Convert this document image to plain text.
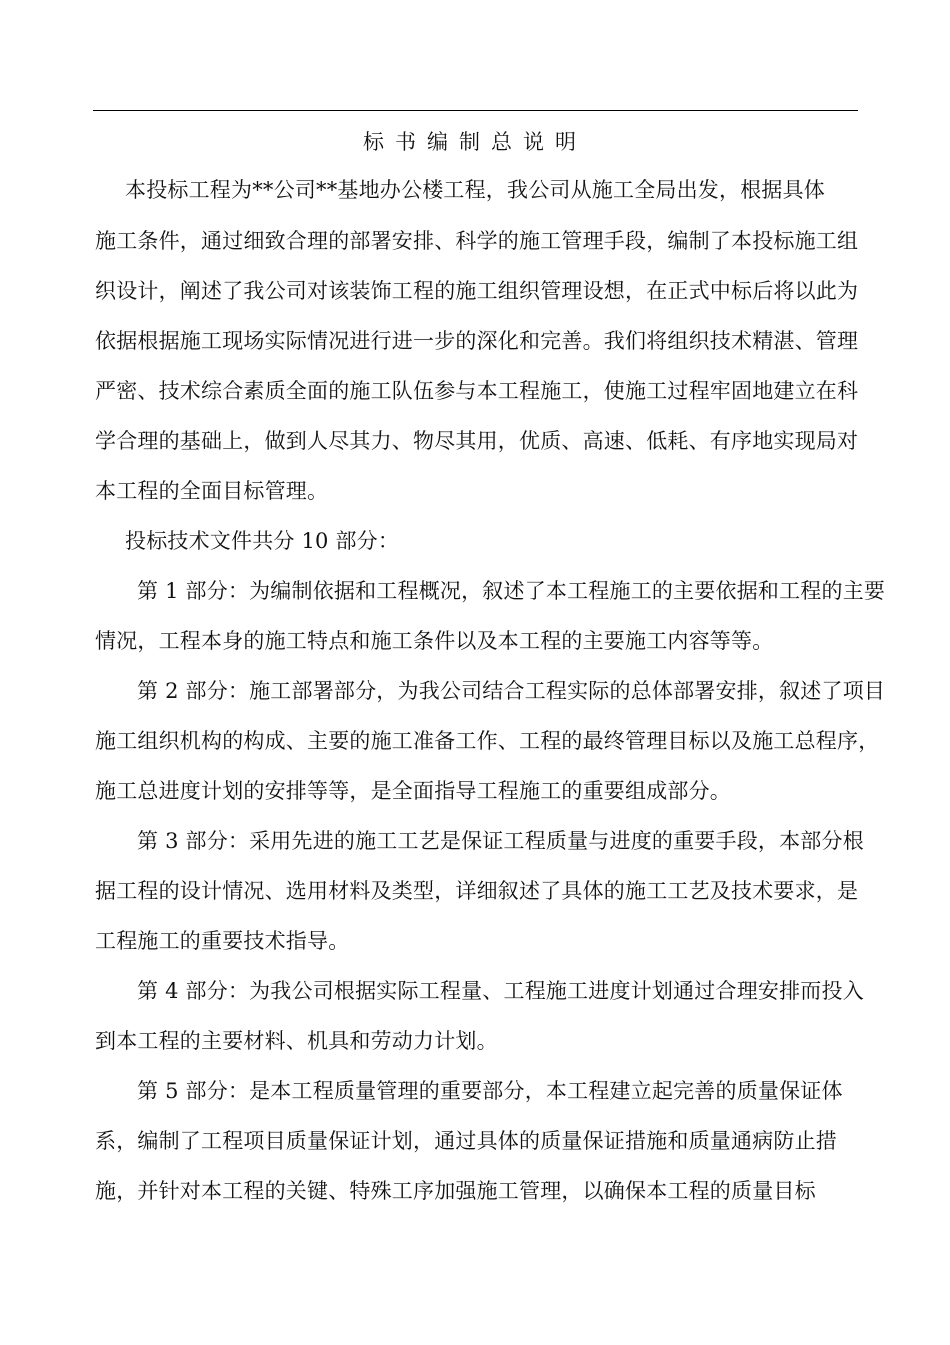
标书编制总说明
本投标工程为**公司**基地办公楼工程，我公司从施工全局出发，根据具体
施工条件，通过细致合理的部署安排、科学的施工管理手段，编制了本投标施工组
织设计，阐述了我公司对该装饰工程的施工组织管理设想，在正式中标后将以此为
依据根据施工现场实际情况进行进一步的深化和完善。我们将组织技术精湛、管理
严密、技术综合素质全面的施工队伍参与本工程施工，使施工过程牢固地建立在科
学合理的基础上，做到人尽其力、物尽其用，优质、高速、低耗、有序地实现局对
本工程的全面目标管理。
投标技术文件共分 10 部分：
第 1 部分：为编制依据和工程概况，叙述了本工程施工的主要依据和工程的主要
情况，工程本身的施工特点和施工条件以及本工程的主要施工内容等等。
第 2 部分：施工部署部分，为我公司结合工程实际的总体部署安排，叙述了项目
施工组织机构的构成、主要的施工准备工作、工程的最终管理目标以及施工总程序，
施工总进度计划的安排等等，是全面指导工程施工的重要组成部分。
第 3 部分：采用先进的施工工艺是保证工程质量与进度的重要手段，本部分根
据工程的设计情况、选用材料及类型，详细叙述了具体的施工工艺及技术要求，是
工程施工的重要技术指导。
第 4 部分：为我公司根据实际工程量、工程施工进度计划通过合理安排而投入
到本工程的主要材料、机具和劳动力计划。
第 5 部分：是本工程质量管理的重要部分，本工程建立起完善的质量保证体
系，编制了工程项目质量保证计划，通过具体的质量保证措施和质量通病防止措
施，并针对本工程的关键、特殊工序加强施工管理，以确保本工程的质量目标
